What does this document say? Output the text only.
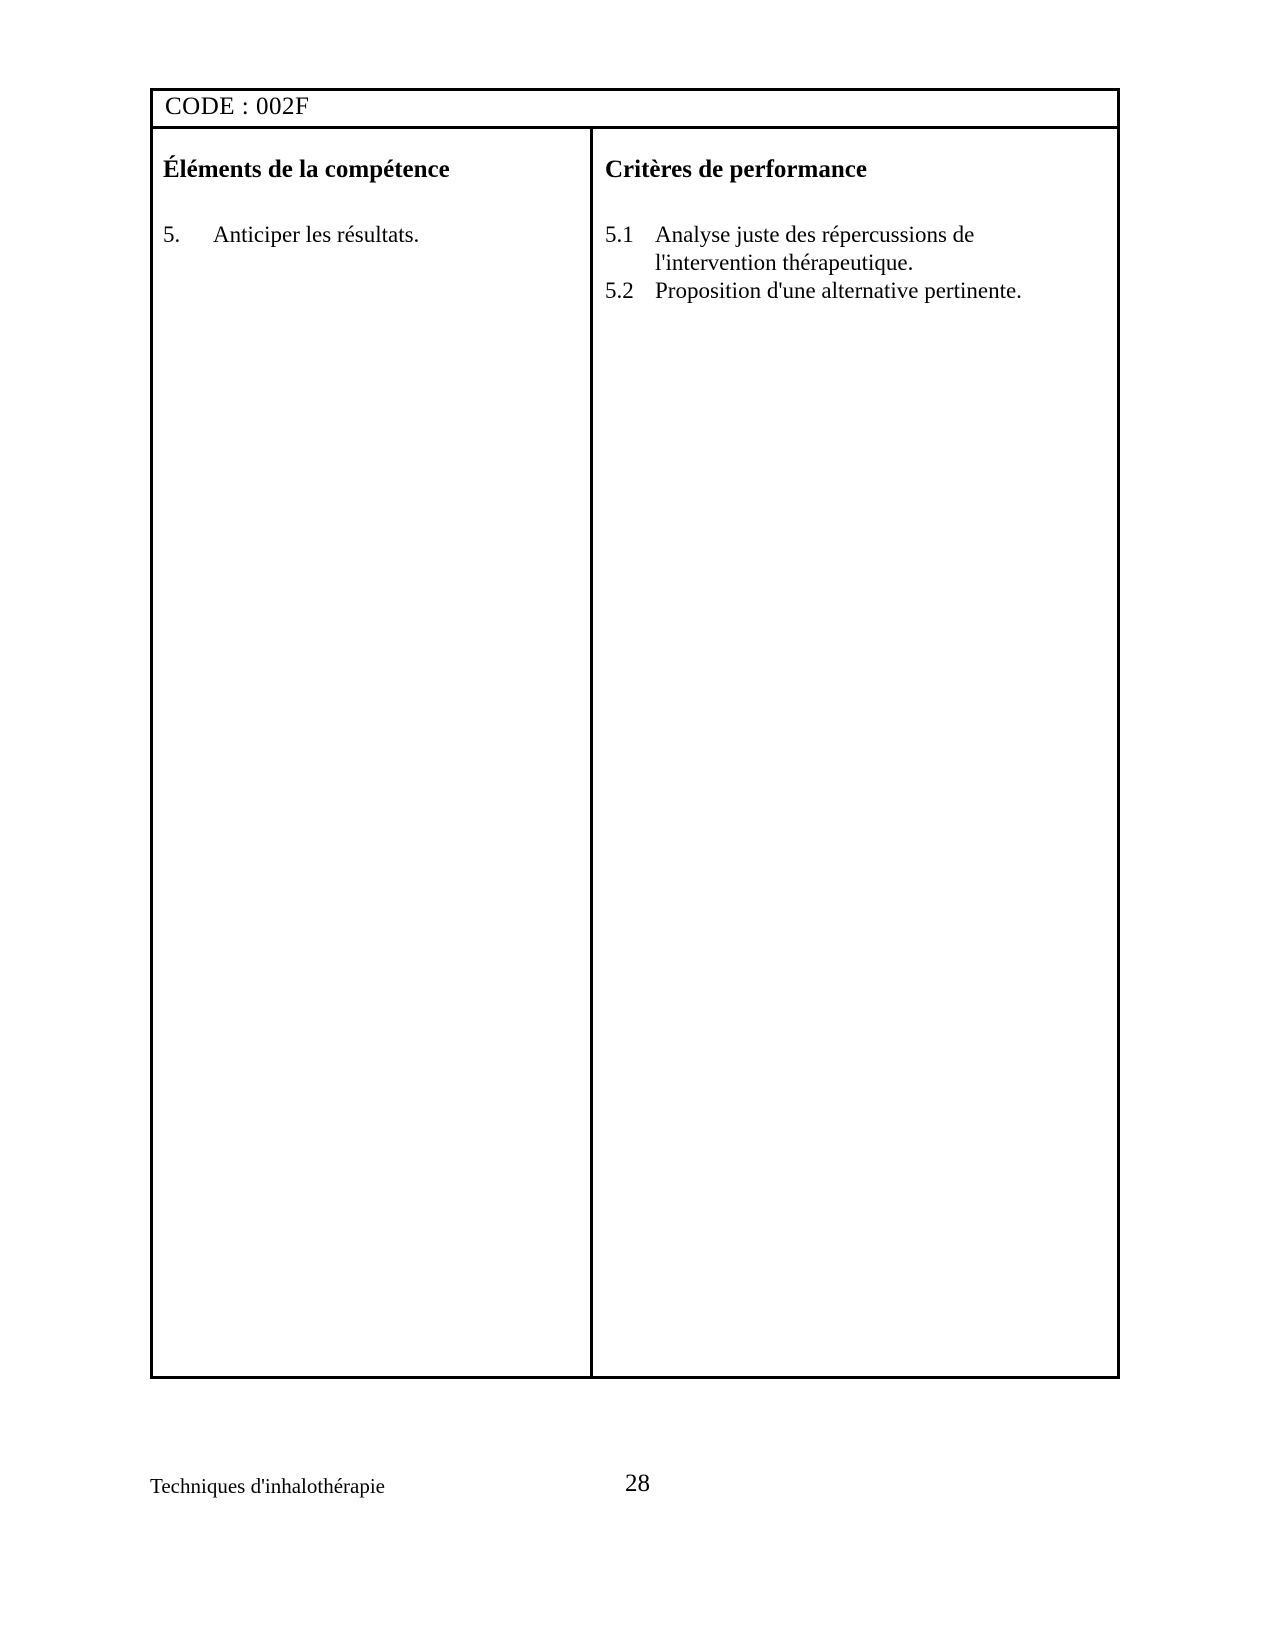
CODE : 002F
Éléments de la compétence
5. Anticiper les résultats.
Critères de performance
5.1 Analyse juste des répercussions de l'intervention thérapeutique.
5.2 Proposition d'une alternative pertinente.
Techniques d'inhalothérapie	28
